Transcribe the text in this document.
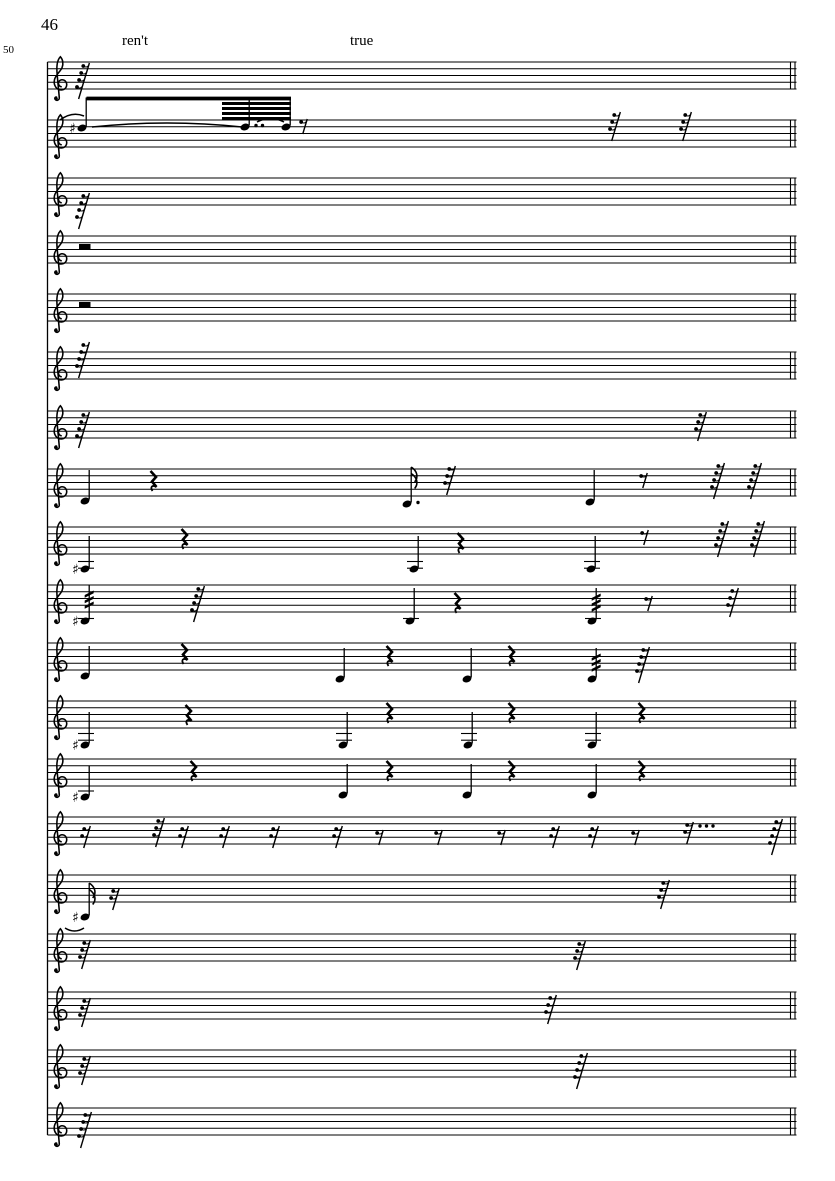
46
50
ren't	true
♯
♯
♯
♯
♯
♯
